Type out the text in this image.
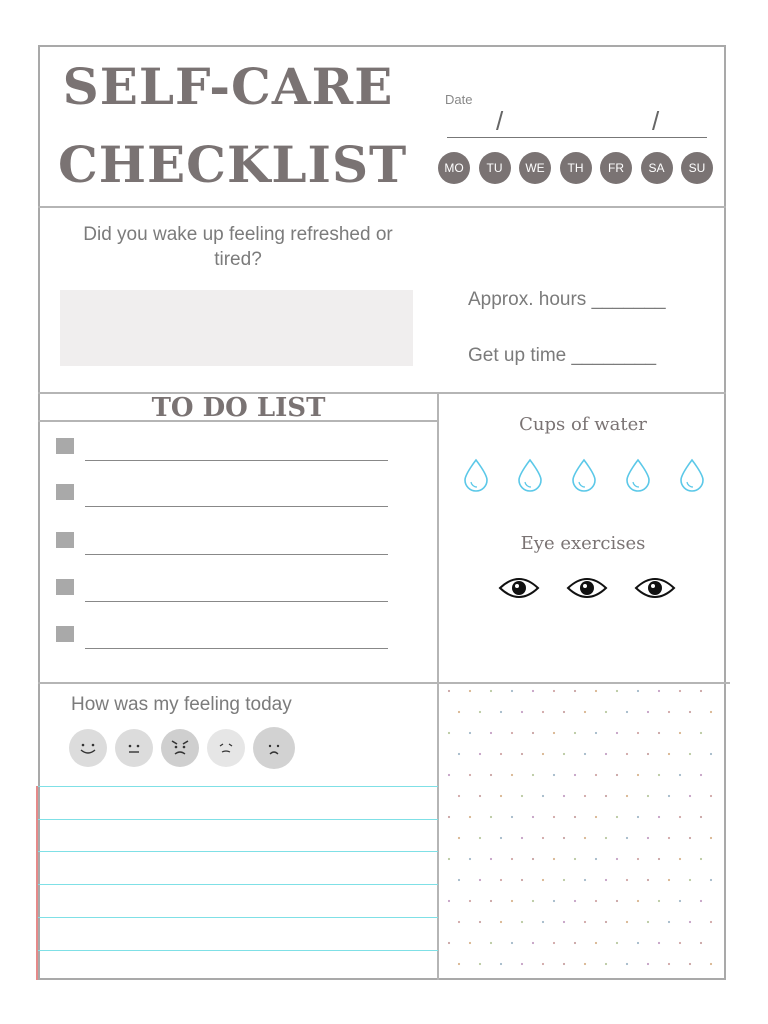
SELF-CARE
CHECKLIST
Date
/	/
MO	TU	WE	TH	FR	SA	SU
Did you wake up feeling refreshed or tired?
Approx. hours _______
Get up time ________
TO DO LIST
Cups of water
Eye exercises
How was my feeling today
